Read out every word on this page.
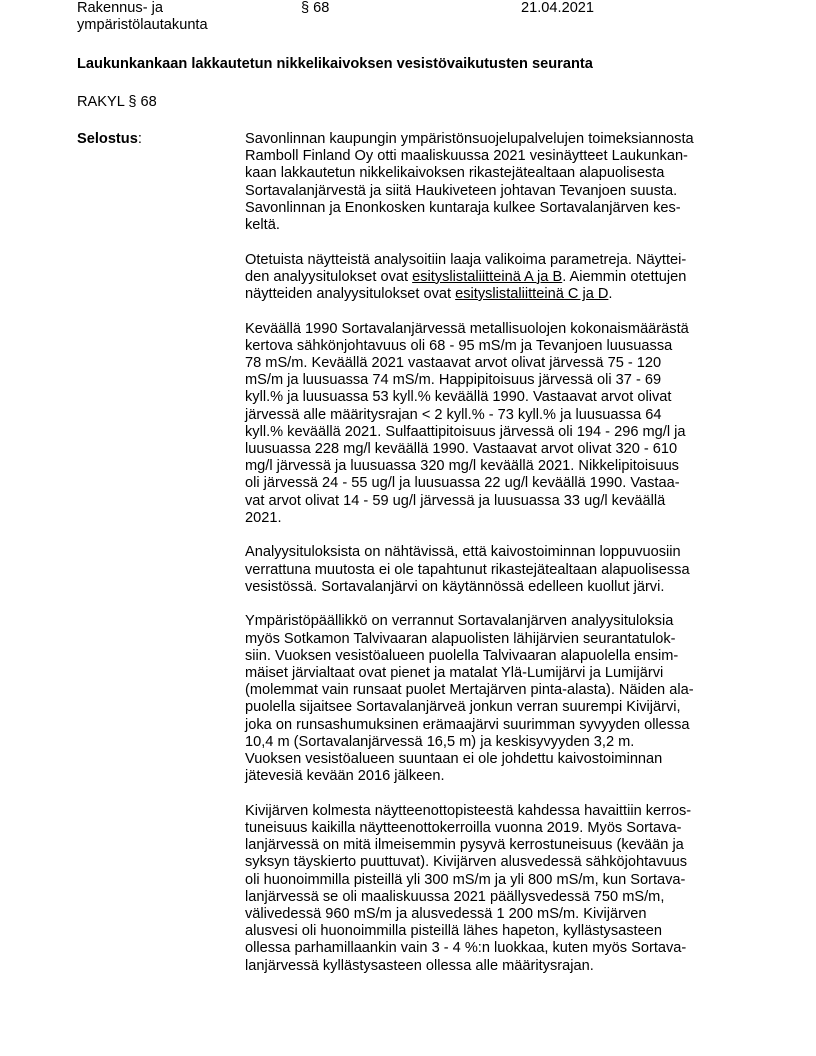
Rakennus- ja
ympäristölautakunta
§ 68	21.04.2021
Laukunkankaan lakkautetun nikkelikaivoksen vesistövaikutusten seuranta
RAKYL § 68
Selostus:	Savonlinnan kaupungin ympäristönsuojelupalvelujen toimeksiannosta
Ramboll Finland Oy otti maaliskuussa 2021 vesinäytteet Laukunkan-
kaan lakkautetun nikkelikaivoksen rikastejätealtaan alapuolisesta
Sortavalanjärvestä ja siitä Haukiveteen johtavan Tevanjoen suusta.
Savonlinnan ja Enonkosken kuntaraja kulkee Sortavalanjärven kes-
keltä.

Otetuista näytteistä analysoitiin laaja valikoima parametreja. Näyttei-
den analyysitulokset ovat esityslistaliitteinä A ja B. Aiemmin otettujen
näytteiden analyysitulokset ovat esityslistaliitteinä C ja D.

Keväällä 1990 Sortavalanjärvessä metallisuolojen kokonaismäärästä
kertova sähkönjohtavuus oli 68 - 95 mS/m ja Tevanjoen luusuassa
78 mS/m. Keväällä 2021 vastaavat arvot olivat järvessä 75 - 120
mS/m ja luusuassa 74 mS/m. Happipitoisuus järvessä oli 37 - 69
kyll.% ja luusuassa 53 kyll.% keväällä 1990. Vastaavat arvot olivat
järvessä alle määritysrajan < 2 kyll.% - 73 kyll.% ja luusuassa 64
kyll.% keväällä 2021. Sulfaattipitoisuus järvessä oli 194 - 296 mg/l ja
luusuassa 228 mg/l keväällä 1990. Vastaavat arvot olivat 320 - 610
mg/l järvessä ja luusuassa 320 mg/l keväällä 2021. Nikkelipitoisuus
oli järvessä 24 - 55 ug/l ja luusuassa 22 ug/l keväällä 1990. Vastaa-
vat arvot olivat 14 - 59 ug/l järvessä ja luusuassa 33 ug/l keväällä
2021.

Analyysituloksista on nähtävissä, että kaivostoiminnan loppuvuosiin
verrattuna muutosta ei ole tapahtunut rikastejätealtaan alapuolisessa
vesistössä. Sortavalanjärvi on käytännössä edelleen kuollut järvi.

Ympäristöpäällikkö on verrannut Sortavalanjärven analyysituloksia
myös Sotkamon Talvivaaran alapuolisten lähijärvien seurantatulok-
siin. Vuoksen vesistöalueen puolella Talvivaaran alapuolella ensim-
mäiset järvialtaat ovat pienet ja matalat Ylä-Lumijärvi ja Lumijärvi
(molemmat vain runsaat puolet Mertajärven pinta-alasta). Näiden ala-
puolella sijaitsee Sortavalanjärveä jonkun verran suurempi Kivijärvi,
joka on runsashumuksinen erämaajärvi suurimman syvyyden ollessa
10,4 m (Sortavalanjärvessä 16,5 m) ja keskisyvyyden 3,2 m.
Vuoksen vesistöalueen suuntaan ei ole johdettu kaivostoiminnan
jätevesiä kevään 2016 jälkeen.

Kivijärven kolmesta näytteenottopisteestä kahdessa havaittiin kerros-
tuneisuus kaikilla näytteenottokerroilla vuonna 2019. Myös Sortava-
lanjärvessä on mitä ilmeisemmin pysyvä kerrostuneisuus (kevään ja
syksyn täyskierto puuttuvat). Kivijärven alusvedessä sähköjohtavuus
oli huonoimmilla pisteillä yli 300 mS/m ja yli 800 mS/m, kun Sortava-
lanjärvessä se oli maaliskuussa 2021 päällysvedessä 750 mS/m,
välivedessä 960 mS/m ja alusvedessä 1 200 mS/m. Kivijärven
alusvesi oli huonoimmilla pisteillä lähes hapeton, kyllästysasteen
ollessa parhamillaankin vain 3 - 4 %:n luokkaa, kuten myös Sortava-
lanjärvessä kyllästysasteen ollessa alle määritysrajan.
